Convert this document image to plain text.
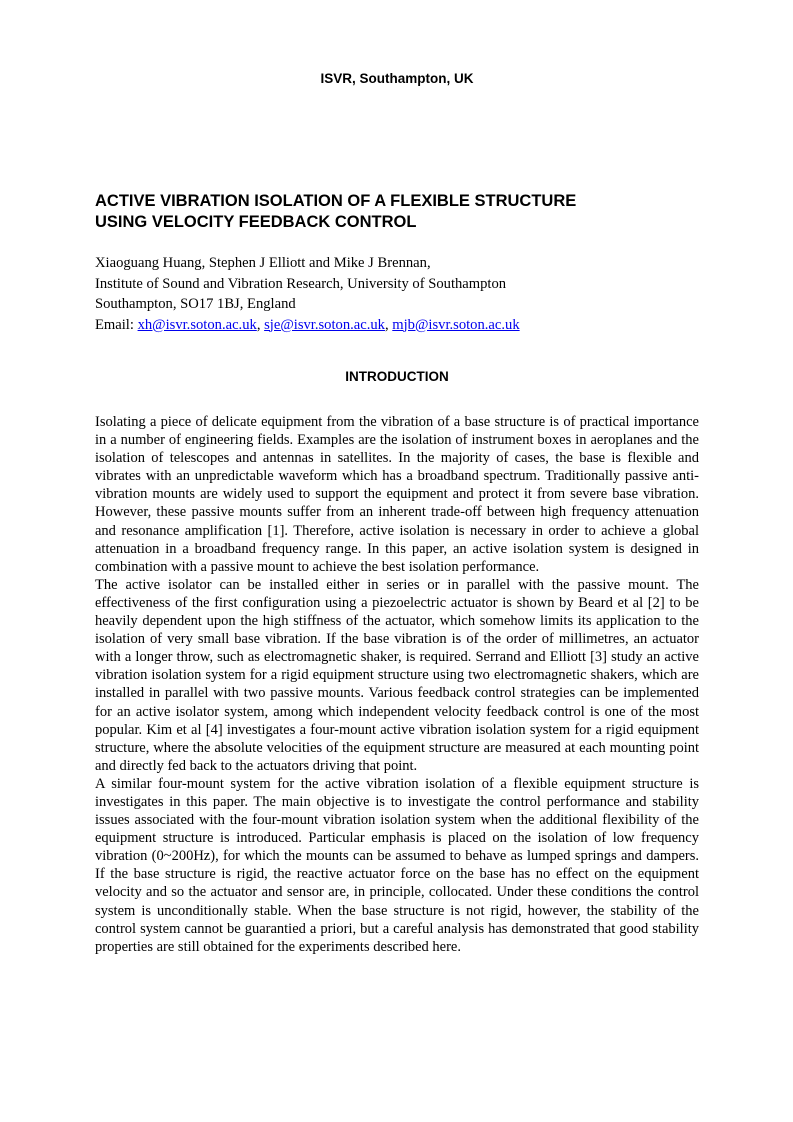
ISVR, Southampton, UK
ACTIVE VIBRATION ISOLATION OF A FLEXIBLE STRUCTURE
USING VELOCITY FEEDBACK CONTROL
Xiaoguang Huang, Stephen J Elliott and Mike J Brennan,
Institute of Sound and Vibration Research, University of Southampton
Southampton, SO17 1BJ, England
Email: xh@isvr.soton.ac.uk, sje@isvr.soton.ac.uk, mjb@isvr.soton.ac.uk
INTRODUCTION

Isolating a piece of delicate equipment from the vibration of a base structure is of practical importance in a number of engineering fields. Examples are the isolation of instrument boxes in aeroplanes and the isolation of telescopes and antennas in satellites. In the majority of cases, the base is flexible and vibrates with an unpredictable waveform which has a broadband spectrum. Traditionally passive anti-vibration mounts are widely used to support the equipment and protect it from severe base vibration. However, these passive mounts suffer from an inherent trade-off between high frequency attenuation and resonance amplification [1]. Therefore, active isolation is necessary in order to achieve a global attenuation in a broadband frequency range. In this paper, an active isolation system is designed in combination with a passive mount to achieve the best isolation performance.

The active isolator can be installed either in series or in parallel with the passive mount. The effectiveness of the first configuration using a piezoelectric actuator is shown by Beard et al [2] to be heavily dependent upon the high stiffness of the actuator, which somehow limits its application to the isolation of very small base vibration. If the base vibration is of the order of millimetres, an actuator with a longer throw, such as electromagnetic shaker, is required. Serrand and Elliott [3] study an active vibration isolation system for a rigid equipment structure using two electromagnetic shakers, which are installed in parallel with two passive mounts. Various feedback control strategies can be implemented for an active isolator system, among which independent velocity feedback control is one of the most popular. Kim et al [4] investigates a four-mount active vibration isolation system for a rigid equipment structure, where the absolute velocities of the equipment structure are measured at each mounting point and directly fed back to the actuators driving that point.

A similar four-mount system for the active vibration isolation of a flexible equipment structure is investigates in this paper. The main objective is to investigate the control performance and stability issues associated with the four-mount vibration isolation system when the additional flexibility of the equipment structure is introduced. Particular emphasis is placed on the isolation of low frequency vibration (0~200Hz), for which the mounts can be assumed to behave as lumped springs and dampers. If the base structure is rigid, the reactive actuator force on the base has no effect on the equipment velocity and so the actuator and sensor are, in principle, collocated. Under these conditions the control system is unconditionally stable. When the base structure is not rigid, however, the stability of the control system cannot be guarantied a priori, but a careful analysis has demonstrated that good stability properties are still obtained for the experiments described here.
